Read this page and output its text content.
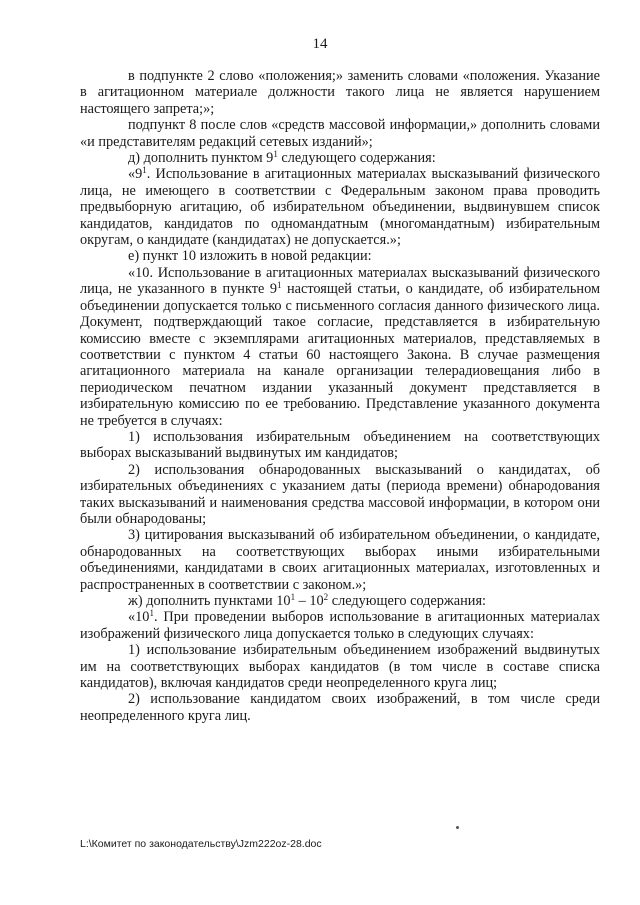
14

в подпункте 2 слово «положения;» заменить словами «положения. Указание в агитационном материале должности такого лица не является нарушением настоящего запрета;»;

подпункт 8 после слов «средств массовой информации,» дополнить словами «и представителям редакций сетевых изданий»;

д) дополнить пунктом $9^1$ следующего содержания:

«$9^1$. Использование в агитационных материалах высказываний физического лица, не имеющего в соответствии с Федеральным законом права проводить предвыборную агитацию, об избирательном объединении, выдвинувшем список кандидатов, кандидатов по одномандатным (многомандатным) избирательным округам, о кандидате (кандидатах) не допускается.»;

е) пункт 10 изложить в новой редакции:

«10. Использование в агитационных материалах высказываний физического лица, не указанного в пункте $9^1$ настоящей статьи, о кандидате, об избирательном объединении допускается только с письменного согласия данного физического лица. Документ, подтверждающий такое согласие, представляется в избирательную комиссию вместе с экземплярами агитационных материалов, представляемых в соответствии с пунктом 4 статьи 60 настоящего Закона. В случае размещения агитационного материала на канале организации телерадиовещания либо в периодическом печатном издании указанный документ представляется в избирательную комиссию по ее требованию. Представление указанного документа не требуется в случаях:

1) использования избирательным объединением на соответствующих выборах высказываний выдвинутых им кандидатов;

2) использования обнародованных высказываний о кандидатах, об избирательных объединениях с указанием даты (периода времени) обнародования таких высказываний и наименования средства массовой информации, в котором они были обнародованы;

3) цитирования высказываний об избирательном объединении, о кандидате, обнародованных на соответствующих выборах иными избирательными объединениями, кандидатами в своих агитационных материалах, изготовленных и распространенных в соответствии с законом.»;

ж) дополнить пунктами $10^1 - 10^2$ следующего содержания:

«$10^1$. При проведении выборов использование в агитационных материалах изображений физического лица допускается только в следующих случаях:

1) использование избирательным объединением изображений выдвинутых им на соответствующих выборах кандидатов (в том числе в составе списка кандидатов), включая кандидатов среди неопределенного круга лиц;

2) использование кандидатом своих изображений, в том числе среди неопределенного круга лиц.

L:\Комитет по законодательству\Jzm222oz-28.doc
